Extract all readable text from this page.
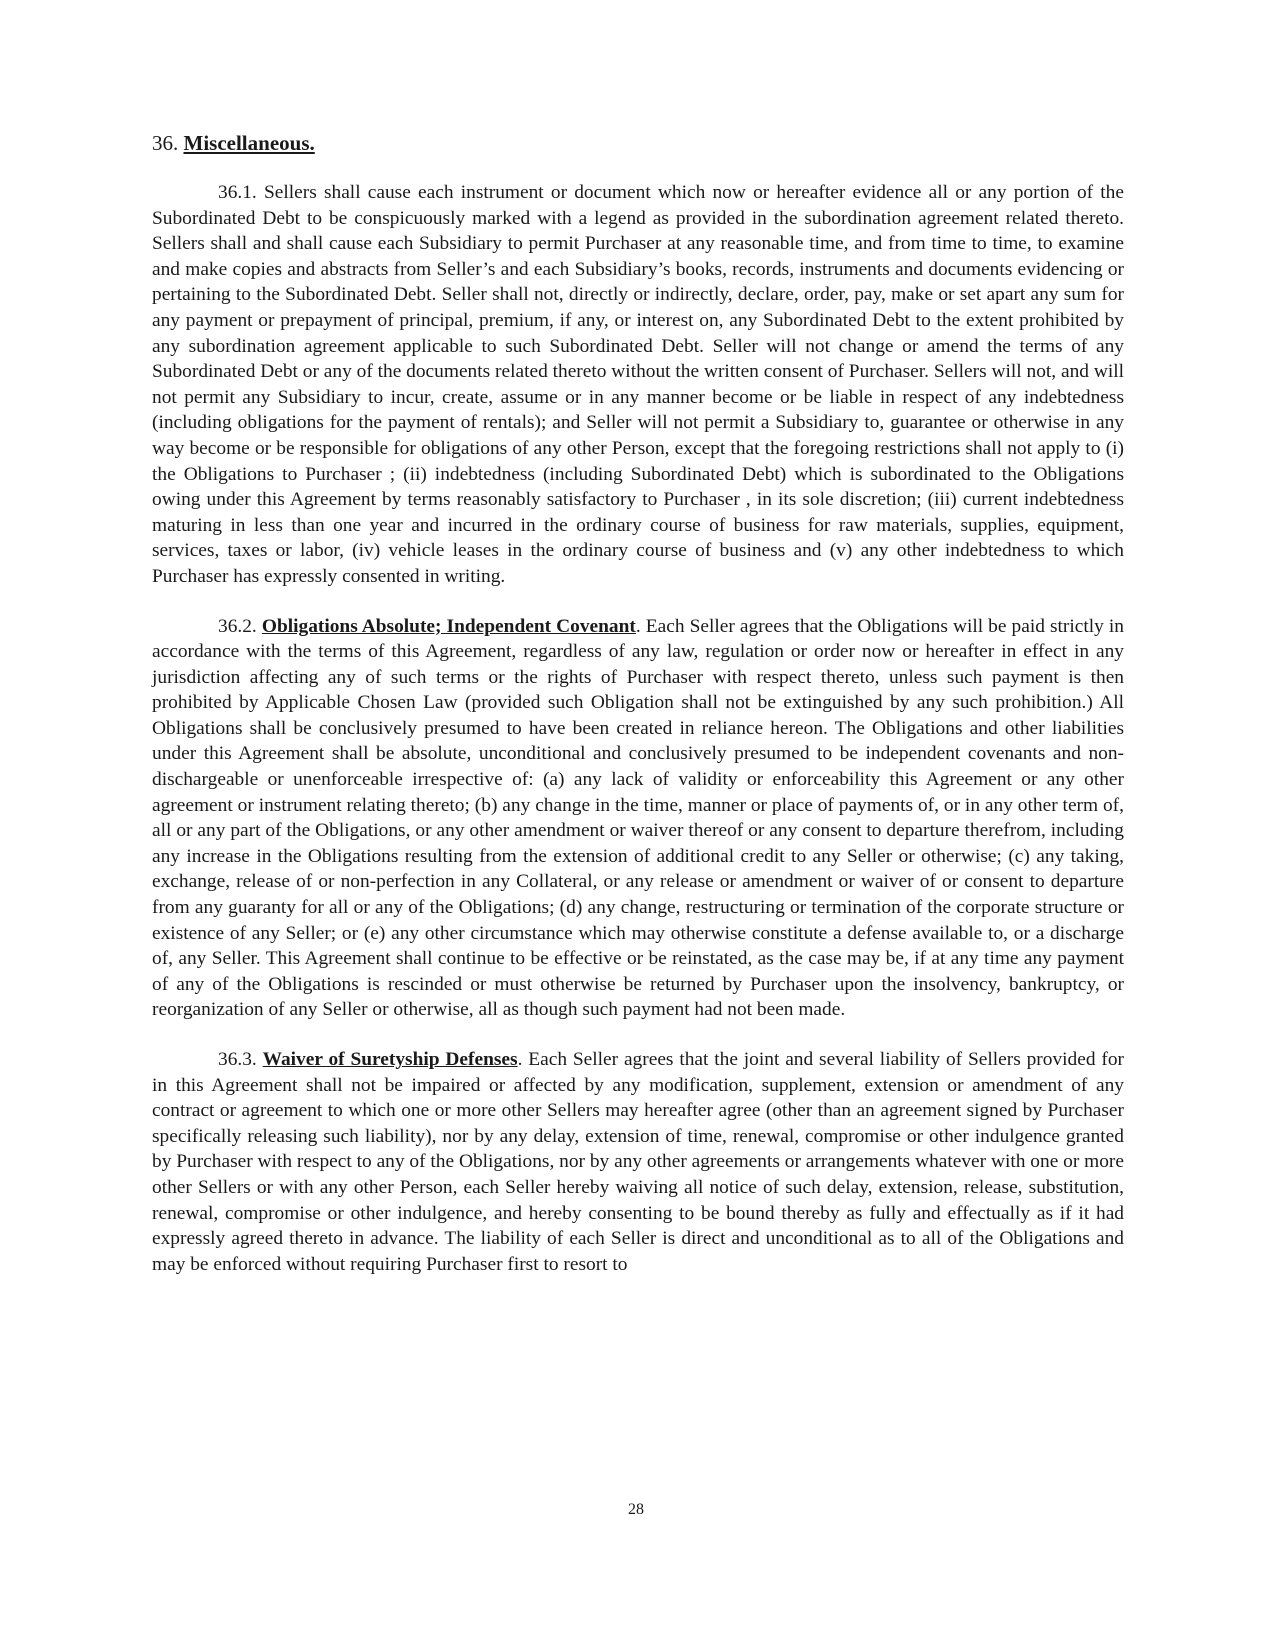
36. Miscellaneous.

36.1. Sellers shall cause each instrument or document which now or hereafter evidence all or any portion of the Subordinated Debt to be conspicuously marked with a legend as provided in the subordination agreement related thereto. Sellers shall and shall cause each Subsidiary to permit Purchaser at any reasonable time, and from time to time, to examine and make copies and abstracts from Seller’s and each Subsidiary’s books, records, instruments and documents evidencing or pertaining to the Subordinated Debt. Seller shall not, directly or indirectly, declare, order, pay, make or set apart any sum for any payment or prepayment of principal, premium, if any, or interest on, any Subordinated Debt to the extent prohibited by any subordination agreement applicable to such Subordinated Debt. Seller will not change or amend the terms of any Subordinated Debt or any of the documents related thereto without the written consent of Purchaser. Sellers will not, and will not permit any Subsidiary to incur, create, assume or in any manner become or be liable in respect of any indebtedness (including obligations for the payment of rentals); and Seller will not permit a Subsidiary to, guarantee or otherwise in any way become or be responsible for obligations of any other Person, except that the foregoing restrictions shall not apply to (i) the Obligations to Purchaser ; (ii) indebtedness (including Subordinated Debt) which is subordinated to the Obligations owing under this Agreement by terms reasonably satisfactory to Purchaser , in its sole discretion; (iii) current indebtedness maturing in less than one year and incurred in the ordinary course of business for raw materials, supplies, equipment, services, taxes or labor, (iv) vehicle leases in the ordinary course of business and (v) any other indebtedness to which Purchaser has expressly consented in writing.

36.2. Obligations Absolute; Independent Covenant. Each Seller agrees that the Obligations will be paid strictly in accordance with the terms of this Agreement, regardless of any law, regulation or order now or hereafter in effect in any jurisdiction affecting any of such terms or the rights of Purchaser with respect thereto, unless such payment is then prohibited by Applicable Chosen Law (provided such Obligation shall not be extinguished by any such prohibition.) All Obligations shall be conclusively presumed to have been created in reliance hereon. The Obligations and other liabilities under this Agreement shall be absolute, unconditional and conclusively presumed to be independent covenants and non-dischargeable or unenforceable irrespective of: (a) any lack of validity or enforceability this Agreement or any other agreement or instrument relating thereto; (b) any change in the time, manner or place of payments of, or in any other term of, all or any part of the Obligations, or any other amendment or waiver thereof or any consent to departure therefrom, including any increase in the Obligations resulting from the extension of additional credit to any Seller or otherwise; (c) any taking, exchange, release of or non-perfection in any Collateral, or any release or amendment or waiver of or consent to departure from any guaranty for all or any of the Obligations; (d) any change, restructuring or termination of the corporate structure or existence of any Seller; or (e) any other circumstance which may otherwise constitute a defense available to, or a discharge of, any Seller. This Agreement shall continue to be effective or be reinstated, as the case may be, if at any time any payment of any of the Obligations is rescinded or must otherwise be returned by Purchaser upon the insolvency, bankruptcy, or reorganization of any Seller or otherwise, all as though such payment had not been made.

36.3. Waiver of Suretyship Defenses. Each Seller agrees that the joint and several liability of Sellers provided for in this Agreement shall not be impaired or affected by any modification, supplement, extension or amendment of any contract or agreement to which one or more other Sellers may hereafter agree (other than an agreement signed by Purchaser specifically releasing such liability), nor by any delay, extension of time, renewal, compromise or other indulgence granted by Purchaser with respect to any of the Obligations, nor by any other agreements or arrangements whatever with one or more other Sellers or with any other Person, each Seller hereby waiving all notice of such delay, extension, release, substitution, renewal, compromise or other indulgence, and hereby consenting to be bound thereby as fully and effectually as if it had expressly agreed thereto in advance. The liability of each Seller is direct and unconditional as to all of the Obligations and may be enforced without requiring Purchaser first to resort to

28
